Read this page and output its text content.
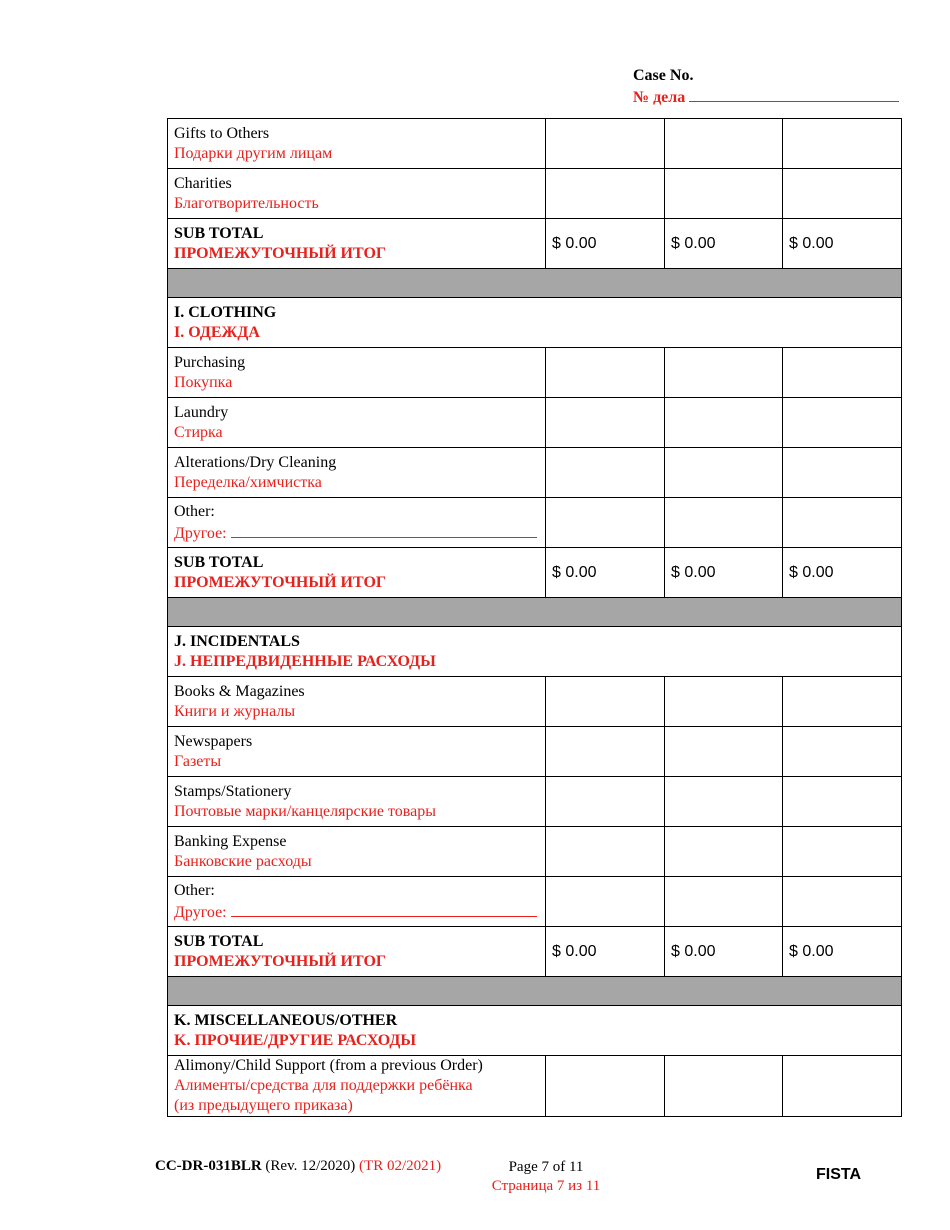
Case No.
№ дела
Gifts to Others
Подарки другим лицам			

Charities
Благотворительность			

SUB TOTAL
ПРОМЕЖУТОЧНЫЙ ИТОГ	$ 0.00	$ 0.00	$ 0.00

I. CLOTHING
I. ОДЕЖДА			

Purchasing
Покупка			

Laundry
Стирка			

Alterations/Dry Cleaning
Переделка/химчистка			

Other:
Другое:			

SUB TOTAL
ПРОМЕЖУТОЧНЫЙ ИТОГ	$ 0.00	$ 0.00	$ 0.00

J. INCIDENTALS
J. НЕПРЕДВИДЕННЫЕ РАСХОДЫ			

Books & Magazines
Книги и журналы			

Newspapers
Газеты			

Stamps/Stationery
Почтовые марки/канцелярские товары			

Banking Expense
Банковские расходы			

Other:
Другое:			

SUB TOTAL
ПРОМЕЖУТОЧНЫЙ ИТОГ	$ 0.00	$ 0.00	$ 0.00

K. MISCELLANEOUS/OTHER
K. ПРОЧИЕ/ДРУГИЕ РАСХОДЫ			

Alimony/Child Support (from a previous Order)
Алименты/средства для поддержки ребёнка
(из предыдущего приказа)			

CC-DR-031BLR (Rev. 12/2020) (TR 02/2021)	Page 7 of 11
Страница 7 из 11
FISTA
